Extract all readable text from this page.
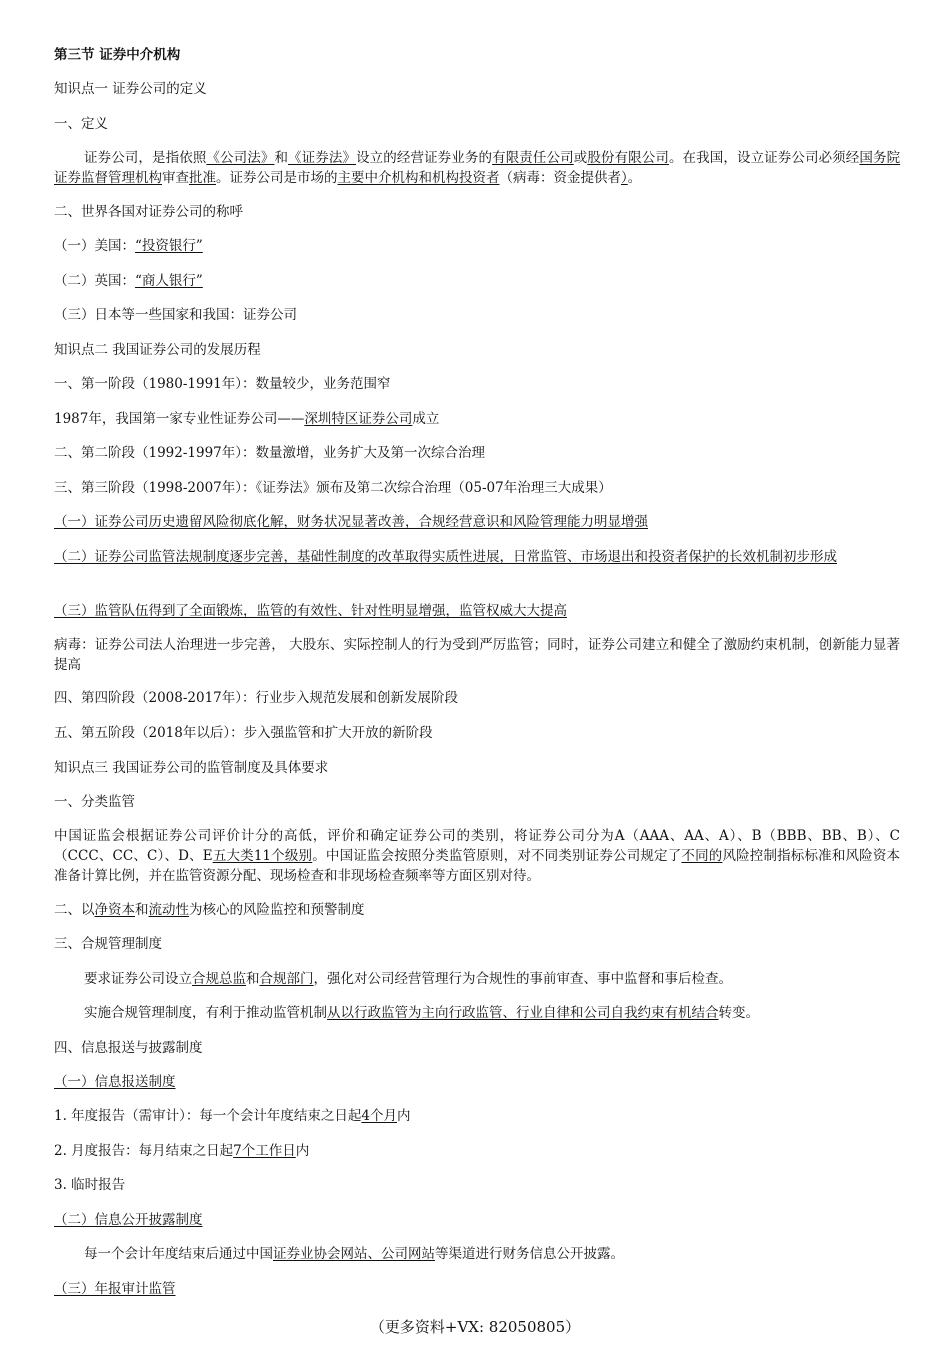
第三节 证券中介机构
知识点一 证券公司的定义
一、定义
证券公司，是指依照《公司法》和《证券法》设立的经营证券业务的有限责任公司或股份有限公司。在我国，设立证券公司必须经国务院证券监督管理机构审查批准。证券公司是市场的主要中介机构和机构投资者（病毒：资金提供者）。
二、世界各国对证券公司的称呼
（一）美国：“投资银行”
（二）英国：“商人银行”
（三）日本等一些国家和我国：证券公司
知识点二 我国证券公司的发展历程
一、第一阶段（1980-1991年）：数量较少，业务范围窄
1987年，我国第一家专业性证券公司——深圳特区证券公司成立
二、第二阶段（1992-1997年）：数量激增，业务扩大及第一次综合治理
三、第三阶段（1998-2007年）：《证券法》颁布及第二次综合治理（05-07年治理三大成果）
（一）证券公司历史遗留风险彻底化解，财务状况显著改善，合规经营意识和风险管理能力明显增强
（二）证券公司监管法规制度逐步完善，基础性制度的改革取得实质性进展，日常监管、市场退出和投资者保护的长效机制初步形成
（三）监管队伍得到了全面锻炼，监管的有效性、针对性明显增强，监管权威大大提高
病毒：证券公司法人治理进一步完善， 大股东、实际控制人的行为受到严厉监管；同时，证券公司建立和健全了激励约束机制，创新能力显著提高
四、第四阶段（2008-2017年）：行业步入规范发展和创新发展阶段
五、第五阶段（2018年以后）：步入强监管和扩大开放的新阶段
知识点三 我国证券公司的监管制度及具体要求
一、分类监管
中国证监会根据证券公司评价计分的高低，评价和确定证券公司的类别，将证券公司分为A（AAA、AA、A）、B（BBB、BB、B）、C（CCC、CC、C）、D、E五大类11个级别。中国证监会按照分类监管原则，对不同类别证券公司规定了不同的风险控制指标标准和风险资本准备计算比例，并在监管资源分配、现场检查和非现场检查频率等方面区别对待。
二、以净资本和流动性为核心的风险监控和预警制度
三、合规管理制度
要求证券公司设立合规总监和合规部门，强化对公司经营管理行为合规性的事前审查、事中监督和事后检查。
实施合规管理制度，有利于推动监管机制从以行政监管为主向行政监管、行业自律和公司自我约束有机结合转变。
四、信息报送与披露制度
（一）信息报送制度
1. 年度报告（需审计）：每一个会计年度结束之日起4个月内
2. 月度报告：每月结束之日起7个工作日内
3. 临时报告
（二）信息公开披露制度
每一个会计年度结束后通过中国证券业协会网站、公司网站等渠道进行财务信息公开披露。
（三）年报审计监管
（更多资料+VX: 82050805）
